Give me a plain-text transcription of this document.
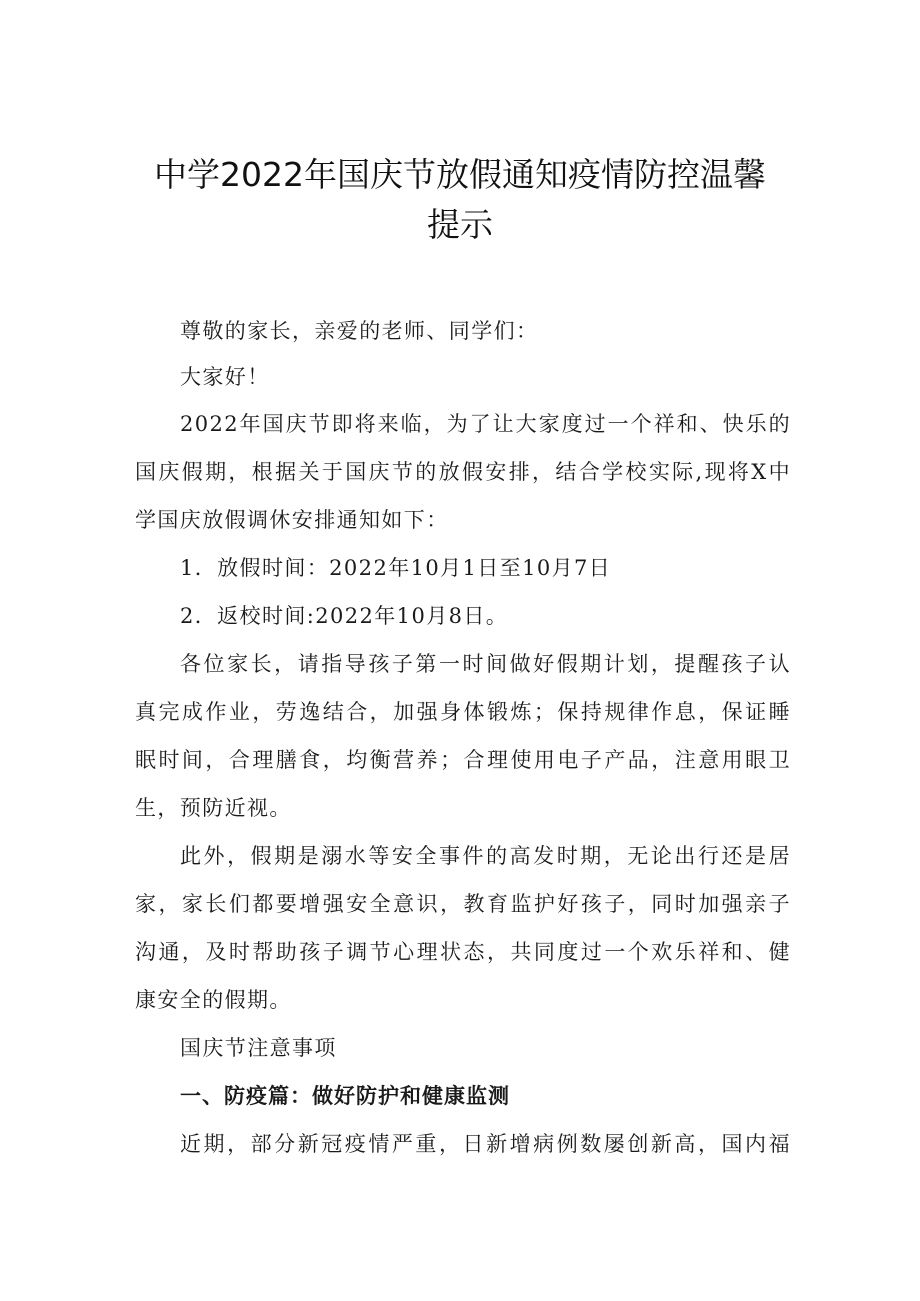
中学2022年国庆节放假通知疫情防控温馨
提示
尊敬的家长，亲爱的老师、同学们：
大家好！
2022年国庆节即将来临，为了让大家度过一个祥和、快乐的
国庆假期，根据关于国庆节的放假安排，结合学校实际,现将X中
学国庆放假调休安排通知如下：
1．放假时间：2022年10月1日至10月7日
2．返校时间:2022年10月8日。
各位家长，请指导孩子第一时间做好假期计划，提醒孩子认
真完成作业，劳逸结合，加强身体锻炼；保持规律作息，保证睡
眠时间，合理膳食，均衡营养；合理使用电子产品，注意用眼卫
生，预防近视。
此外，假期是溺水等安全事件的高发时期，无论出行还是居
家，家长们都要增强安全意识，教育监护好孩子，同时加强亲子
沟通，及时帮助孩子调节心理状态，共同度过一个欢乐祥和、健
康安全的假期。
国庆节注意事项
一、防疫篇：做好防护和健康监测
近期，部分新冠疫情严重，日新增病例数屡创新高，国内福
